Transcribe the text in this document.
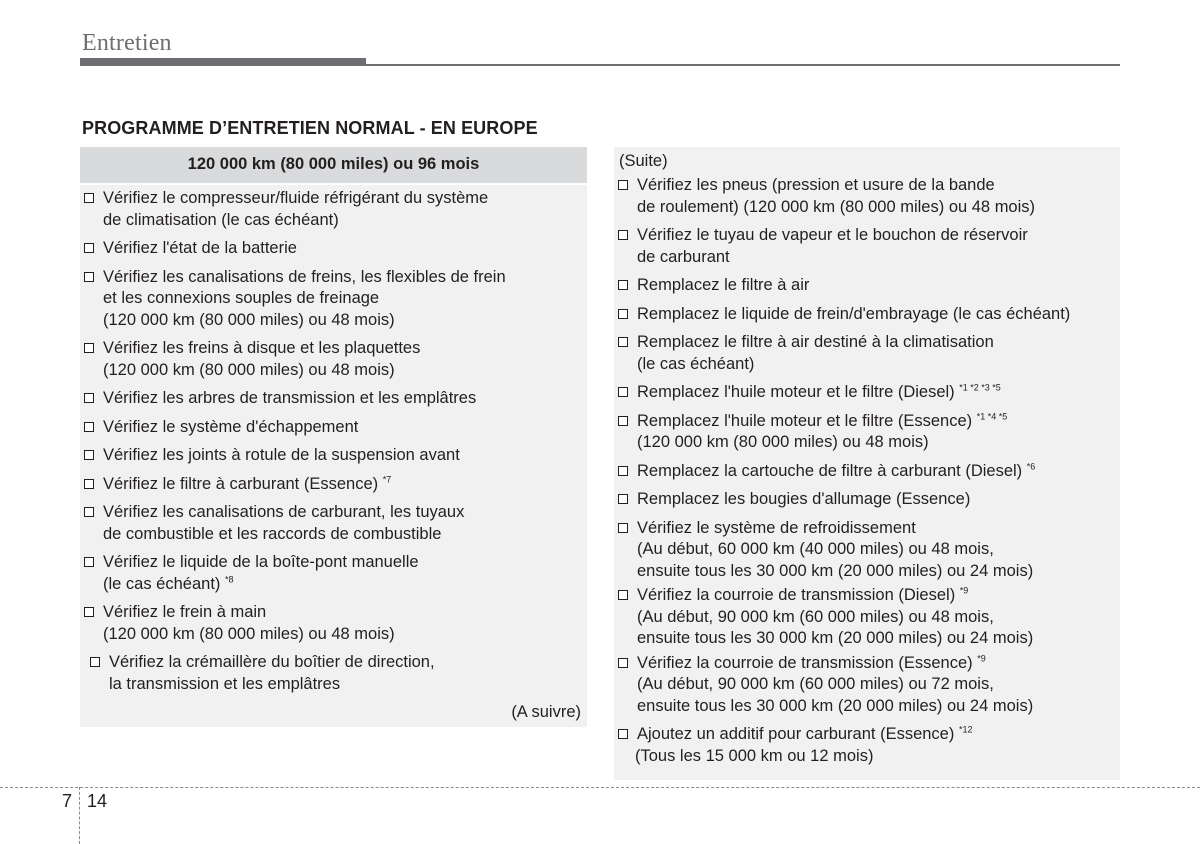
Entretien
PROGRAMME D’ENTRETIEN NORMAL - EN EUROPE
120 000 km (80 000 miles) ou 96 mois
Vérifiez le compresseur/fluide réfrigérant du système
de climatisation (le cas échéant)
Vérifiez l'état de la batterie
Vérifiez les canalisations de freins, les flexibles de frein
et les connexions souples de freinage
(120 000 km (80 000 miles) ou 48 mois)
Vérifiez les freins à disque et les plaquettes
(120 000 km (80 000 miles) ou 48 mois)
Vérifiez les arbres de transmission et les emplâtres
Vérifiez le système d'échappement
Vérifiez les joints à rotule de la suspension avant
Vérifiez le filtre à carburant (Essence) $^{*7}$
Vérifiez les canalisations de carburant, les tuyaux
de combustible et les raccords de combustible
Vérifiez le liquide de la boîte-pont manuelle
(le cas échéant) $^{*8}$
Vérifiez le frein à main
(120 000 km (80 000 miles) ou 48 mois)
Vérifiez la crémaillère du boîtier de direction,
la transmission et les emplâtres
(A suivre)
(Suite)
Vérifiez les pneus (pression et usure de la bande
de roulement) (120 000 km (80 000 miles) ou 48 mois)
Vérifiez le tuyau de vapeur et le bouchon de réservoir
de carburant
Remplacez le filtre à air
Remplacez le liquide de frein/d'embrayage (le cas échéant)
Remplacez le filtre à air destiné à la climatisation
(le cas échéant)
Remplacez l'huile moteur et le filtre (Diesel) $^{*1 *2 *3 *5}$
Remplacez l'huile moteur et le filtre (Essence) $^{*1 *4 *5}$
(120 000 km (80 000 miles) ou 48 mois)
Remplacez la cartouche de filtre à carburant (Diesel) $^{*6}$
Remplacez les bougies d'allumage (Essence)
Vérifiez le système de refroidissement
(Au début, 60 000 km (40 000 miles) ou 48 mois,
ensuite tous les 30 000 km (20 000 miles) ou 24 mois)
Vérifiez la courroie de transmission (Diesel) $^{*9}$
(Au début, 90 000 km (60 000 miles) ou 48 mois,
ensuite tous les 30 000 km (20 000 miles) ou 24 mois)
Vérifiez la courroie de transmission (Essence) $^{*9}$
(Au début, 90 000 km (60 000 miles) ou 72 mois,
ensuite tous les 30 000 km (20 000 miles) ou 24 mois)
Ajoutez un additif pour carburant (Essence) $^{*12}$
(Tous les 15 000 km ou 12 mois)
7 14
